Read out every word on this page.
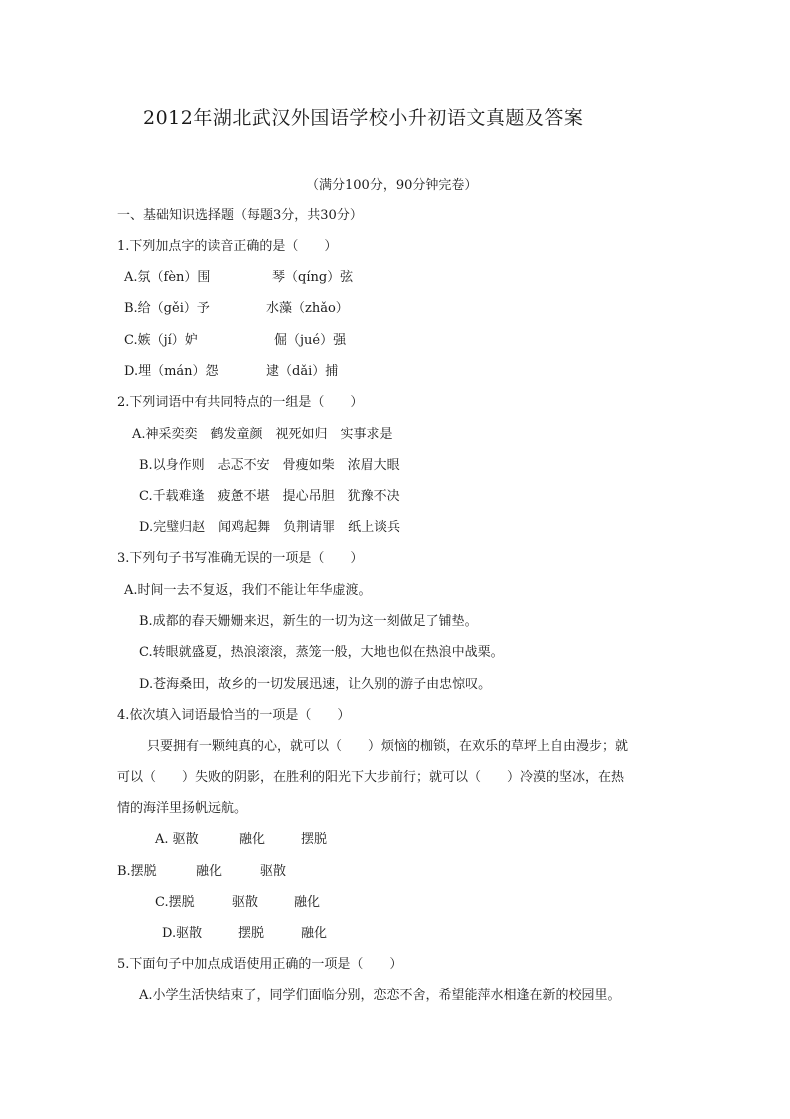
2012年湖北武汉外国语学校小升初语文真题及答案
（满分100分，90分钟完卷）
一、基础知识选择题（每题3分，共30分）
1.下列加点字的读音正确的是（　　）
A.氛（fèn）围	琴（qíng）弦
B.给（gěi）予	水藻（zhǎo）
C.嫉（jí）妒	倔（jué）强
D.埋（mán）怨	逮（dǎi）捕
2.下列词语中有共同特点的一组是（　　）
A.神采奕奕　鹤发童颜　视死如归　实事求是
B.以身作则　忐忑不安　骨瘦如柴　浓眉大眼
C.千载难逢　疲惫不堪　提心吊胆　犹豫不决
D.完璧归赵　闻鸡起舞　负荆请罪　纸上谈兵
3.下列句子书写准确无误的一项是（　　）
A.时间一去不复返，我们不能让年华虚渡。
B.成都的春天姗姗来迟，新生的一切为这一刻做足了铺垫。
C.转眼就盛夏，热浪滚滚，蒸笼一般，大地也似在热浪中战栗。
D.苍海桑田，故乡的一切发展迅速，让久别的游子由忠惊叹。
4.依次填入词语最恰当的一项是（　　）
只要拥有一颗纯真的心，就可以（　　）烦恼的枷锁，在欢乐的草坪上自由漫步；就
可以（　　）失败的阴影，在胜利的阳光下大步前行；就可以（　　）冷漠的坚冰，在热
情的海洋里扬帆远航。
A. 驱散	融化	摆脱
B.摆脱	融化	驱散
C.摆脱	驱散	融化
D.驱散	摆脱	融化
5.下面句子中加点成语使用正确的一项是（　　）
A.小学生活快结束了，同学们面临分别，恋恋不舍，希望能萍水相逢在新的校园里。
